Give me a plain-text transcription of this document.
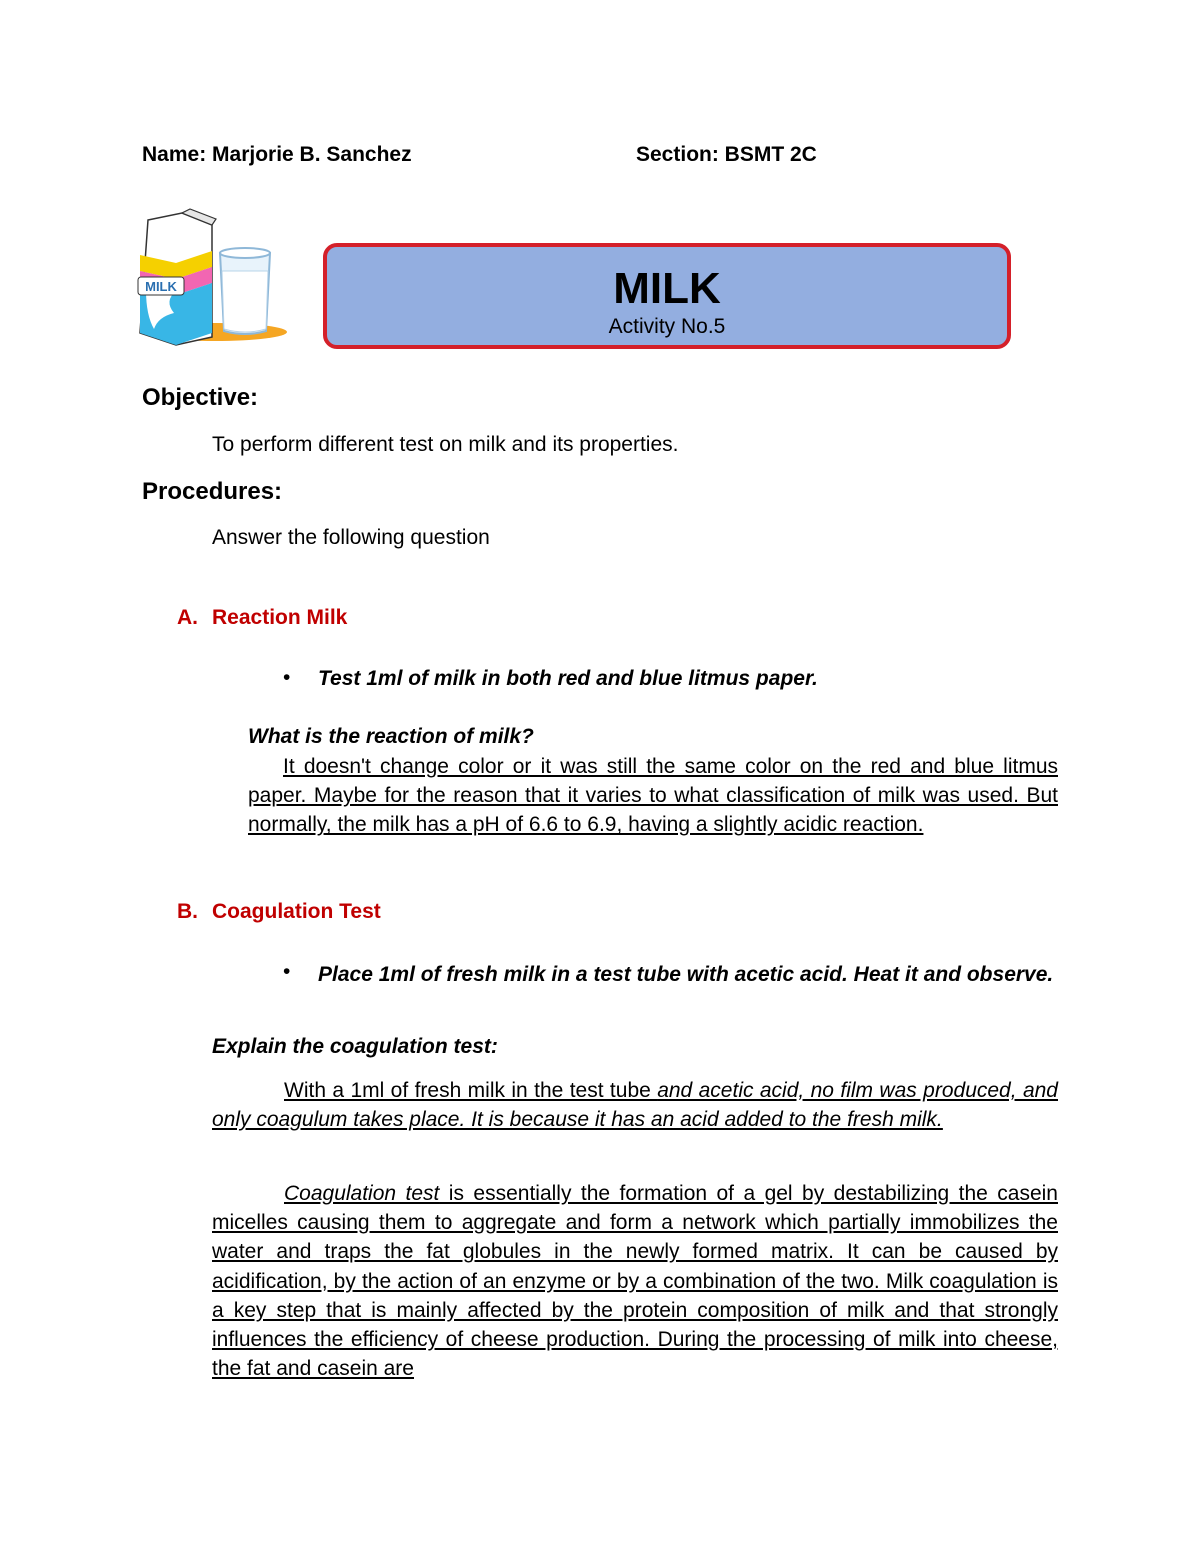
Name: Marjorie B. Sanchez	Section: BSMT 2C
MILK	MILK
Activity No.5
Objective:
To perform different test on milk and its properties.
Procedures:
Answer the following question
A. Reaction Milk
• Test 1ml of milk in both red and blue litmus paper.
What is the reaction of milk?
It doesn't change color or it was still the same color on the red and blue litmus paper. Maybe for the reason that it varies to what classification of milk was used. But normally, the milk has a pH of 6.6 to 6.9, having a slightly acidic reaction.
B. Coagulation Test
• Place 1ml of fresh milk in a test tube with acetic acid. Heat it and observe.
Explain the coagulation test:
With a 1ml of fresh milk in the test tube and acetic acid, no film was produced, and only coagulum takes place. It is because it has an acid added to the fresh milk.
Coagulation test is essentially the formation of a gel by destabilizing the casein micelles causing them to aggregate and form a network which partially immobilizes the water and traps the fat globules in the newly formed matrix. It can be caused by acidification, by the action of an enzyme or by a combination of the two. Milk coagulation is a key step that is mainly affected by the protein composition of milk and that strongly influences the efficiency of cheese production. During the processing of milk into cheese, the fat and casein are
